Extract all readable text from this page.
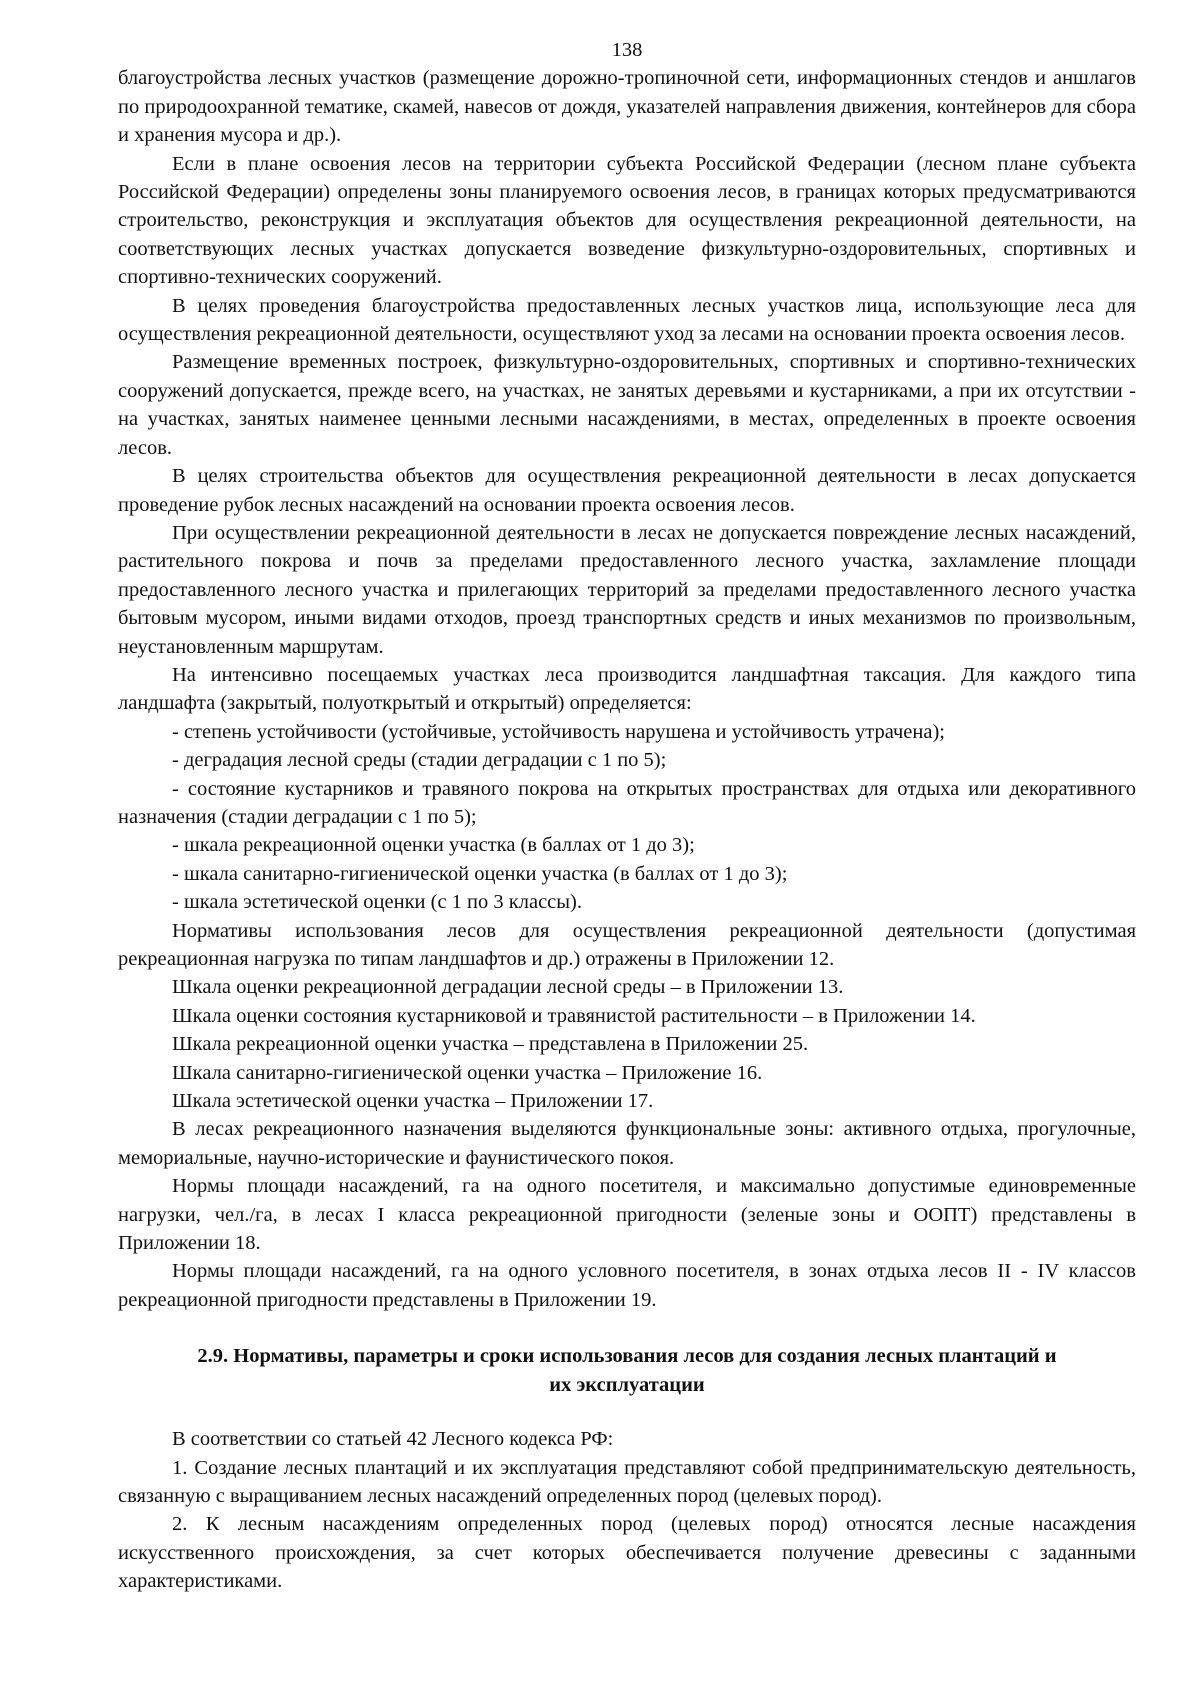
138

благоустройства лесных участков (размещение дорожно-тропиночной сети, информационных стендов и аншлагов по природоохранной тематике, скамей, навесов от дождя, указателей направления движения, контейнеров для сбора и хранения мусора и др.).

Если в плане освоения лесов на территории субъекта Российской Федерации (лесном плане субъекта Российской Федерации) определены зоны планируемого освоения лесов, в границах которых предусматриваются строительство, реконструкция и эксплуатация объектов для осуществления рекреационной деятельности, на соответствующих лесных участках допускается возведение физкультурно-оздоровительных, спортивных и спортивно-технических сооружений.

В целях проведения благоустройства предоставленных лесных участков лица, использующие леса для осуществления рекреационной деятельности, осуществляют уход за лесами на основании проекта освоения лесов.

Размещение временных построек, физкультурно-оздоровительных, спортивных и спортивно-технических сооружений допускается, прежде всего, на участках, не занятых деревьями и кустарниками, а при их отсутствии - на участках, занятых наименее ценными лесными насаждениями, в местах, определенных в проекте освоения лесов.

В целях строительства объектов для осуществления рекреационной деятельности в лесах допускается проведение рубок лесных насаждений на основании проекта освоения лесов.

При осуществлении рекреационной деятельности в лесах не допускается повреждение лесных насаждений, растительного покрова и почв за пределами предоставленного лесного участка, захламление площади предоставленного лесного участка и прилегающих территорий за пределами предоставленного лесного участка бытовым мусором, иными видами отходов, проезд транспортных средств и иных механизмов по произвольным, неустановленным маршрутам.

На интенсивно посещаемых участках леса производится ландшафтная таксация. Для каждого типа ландшафта (закрытый, полуоткрытый и открытый) определяется:

- степень устойчивости (устойчивые, устойчивость нарушена и устойчивость утрачена);

- деградация лесной среды (стадии деградации с 1 по 5);

- состояние кустарников и травяного покрова на открытых пространствах для отдыха или декоративного назначения (стадии деградации с 1 по 5);

- шкала рекреационной оценки участка (в баллах от 1 до 3);

- шкала санитарно-гигиенической оценки участка (в баллах от 1 до 3);

- шкала эстетической оценки (с 1 по 3 классы).

Нормативы использования лесов для осуществления рекреационной деятельности (допустимая рекреационная нагрузка по типам ландшафтов и др.) отражены в Приложении 12.

Шкала оценки рекреационной деградации лесной среды – в Приложении 13.

Шкала оценки состояния кустарниковой и травянистой растительности – в Приложении 14.

Шкала рекреационной оценки участка – представлена в Приложении 25.

Шкала санитарно-гигиенической оценки участка – Приложение 16.

Шкала эстетической оценки участка – Приложении 17.

В лесах рекреационного назначения выделяются функциональные зоны: активного отдыха, прогулочные, мемориальные, научно-исторические и фаунистического покоя.

Нормы площади насаждений, га на одного посетителя, и максимально допустимые единовременные нагрузки, чел./га, в лесах I класса рекреационной пригодности (зеленые зоны и ООПТ) представлены в Приложении 18.

Нормы площади насаждений, га на одного условного посетителя, в зонах отдыха лесов II - IV классов рекреационной пригодности представлены в Приложении 19.

2.9. Нормативы, параметры и сроки использования лесов для создания лесных плантаций и
их эксплуатации

В соответствии со статьей 42 Лесного кодекса РФ:

1. Создание лесных плантаций и их эксплуатация представляют собой предпринимательскую деятельность, связанную с выращиванием лесных насаждений определенных пород (целевых пород).

2. К лесным насаждениям определенных пород (целевых пород) относятся лесные насаждения искусственного происхождения, за счет которых обеспечивается получение древесины с заданными характеристиками.
